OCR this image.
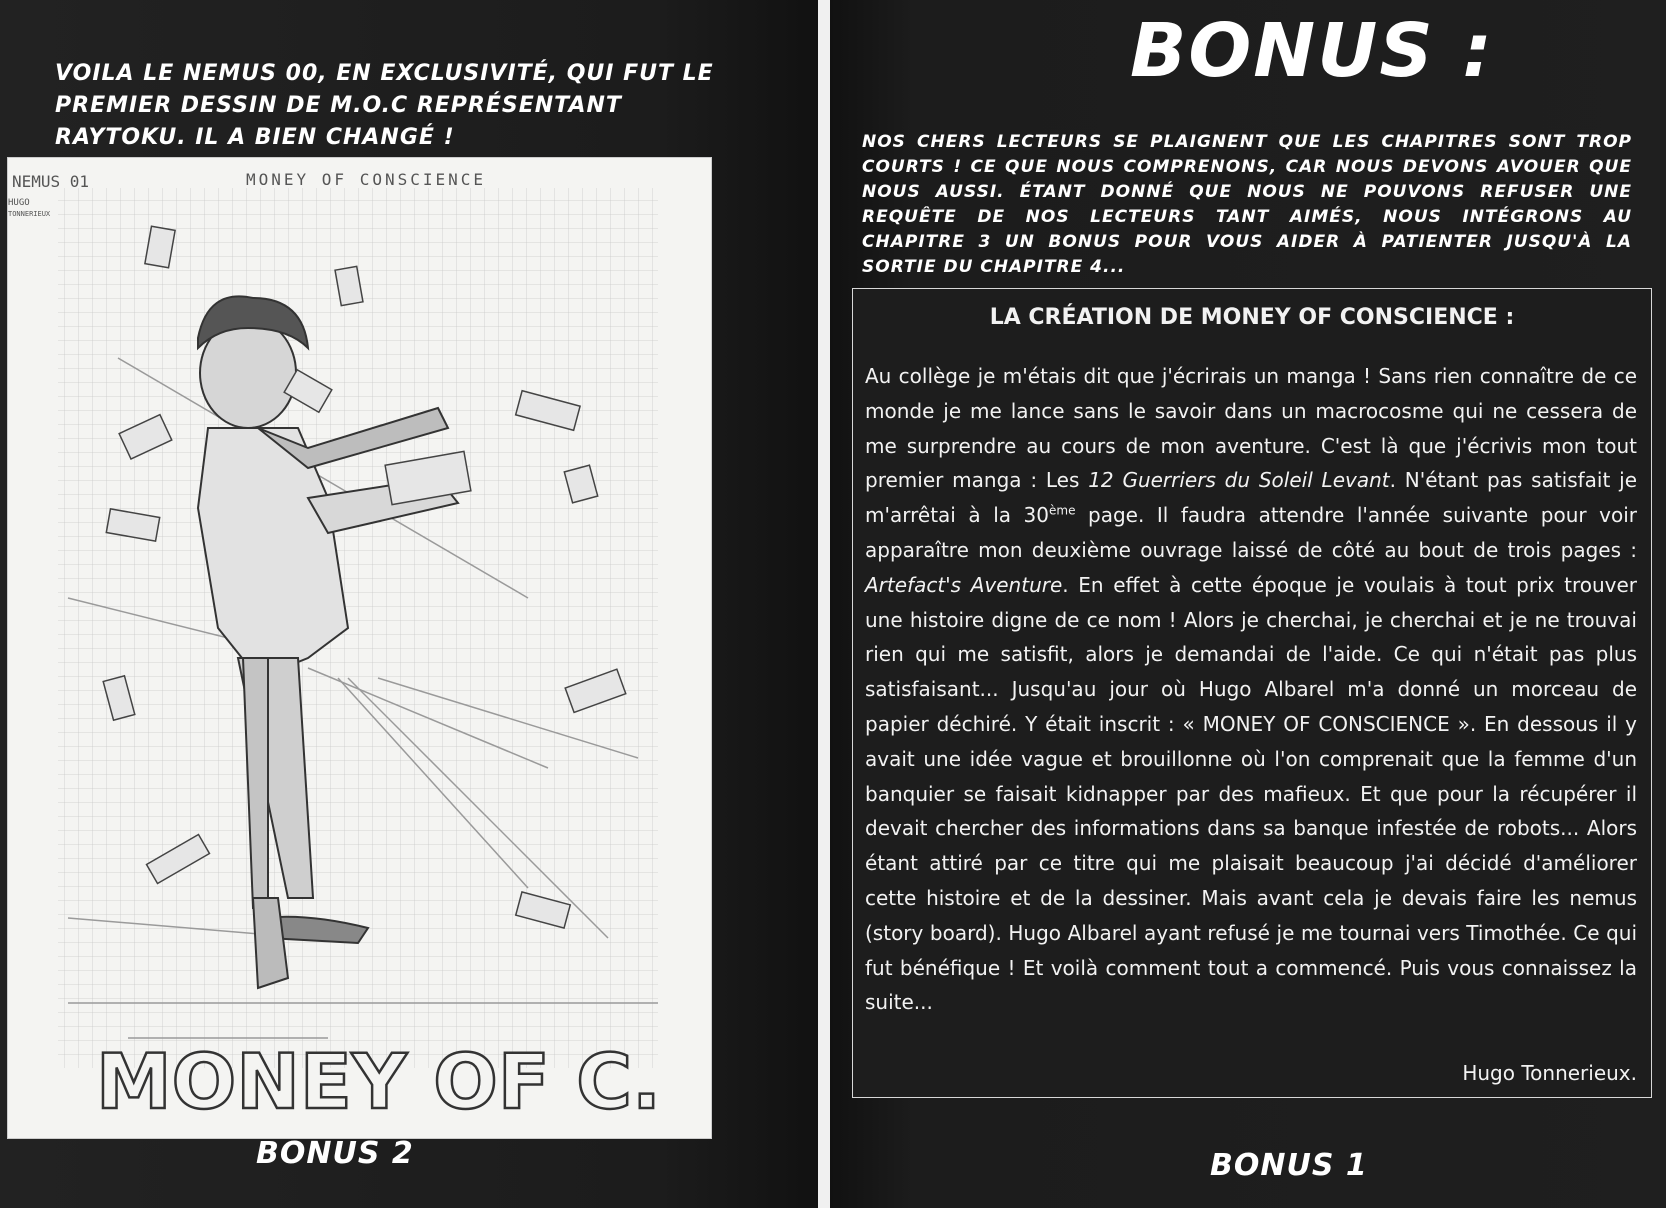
VOILA LE NEMUS 00, EN EXCLUSIVITÉ, QUI FUT LE PREMIER DESSIN DE M.O.C REPRÉSENTANT RAYTOKU. IL A BIEN CHANGÉ !
MONEY OF C.
NEMUS 01
HUGO
TONNERIEUX
MONEY OF CONSCIENCE
BONUS 2
BONUS :
NOS CHERS LECTEURS SE PLAIGNENT QUE LES CHAPITRES SONT TROP COURTS ! CE QUE NOUS COMPRENONS, CAR NOUS DEVONS AVOUER QUE NOUS AUSSI. ÉTANT DONNÉ QUE NOUS NE POUVONS REFUSER UNE REQUÊTE DE NOS LECTEURS TANT AIMÉS, NOUS INTÉGRONS AU CHAPITRE 3 UN BONUS POUR VOUS AIDER À PATIENTER JUSQU'À LA SORTIE DU CHAPITRE 4...
LA CRÉATION DE MONEY OF CONSCIENCE :
Au collège je m'étais dit que j'écrirais un manga ! Sans rien connaître de ce monde je me lance sans le savoir dans un macrocosme qui ne cessera de me surprendre au cours de mon aventure. C'est là que j'écrivis mon tout premier manga : Les 12 Guerriers du Soleil Levant. N'étant pas satisfait je m'arrêtai à la 30ème page. Il faudra attendre l'année suivante pour voir apparaître mon deuxième ouvrage laissé de côté au bout de trois pages : Artefact's Aventure. En effet à cette époque je voulais à tout prix trouver une histoire digne de ce nom ! Alors je cherchai, je cherchai et je ne trouvai rien qui me satisfit, alors je demandai de l'aide. Ce qui n'était pas plus satisfaisant... Jusqu'au jour où Hugo Albarel m'a donné un morceau de papier déchiré. Y était inscrit : « MONEY OF CONSCIENCE ». En dessous il y avait une idée vague et brouillonne où l'on comprenait que la femme d'un banquier se faisait kidnapper par des mafieux. Et que pour la récupérer il devait chercher des informations dans sa banque infestée de robots... Alors étant attiré par ce titre qui me plaisait beaucoup j'ai décidé d'améliorer cette histoire et de la dessiner. Mais avant cela je devais faire les nemus (story board). Hugo Albarel ayant refusé je me tournai vers Timothée. Ce qui fut bénéfique ! Et voilà comment tout a commencé. Puis vous connaissez la suite...
Hugo Tonnerieux.
BONUS 1
